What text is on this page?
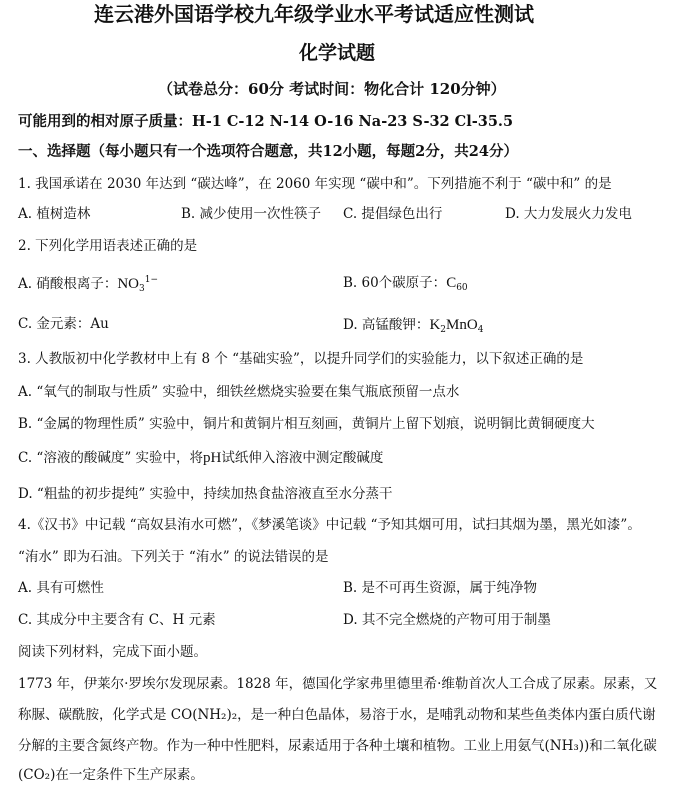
连云港外国语学校九年级学业水平考试适应性测试
化学试题
（试卷总分：60分 考试时间：物化合计 120分钟）
可能用到的相对原子质量：H-1 C-12 N-14 O-16 Na-23 S-32 Cl-35.5
一、选择题（每小题只有一个选项符合题意，共12小题，每题2分，共24分）
1. 我国承诺在 2030 年达到 “碳达峰”，在 2060 年实现 “碳中和”。下列措施不利于 “碳中和” 的是
A. 植树造林	B. 减少使用一次性筷子 C. 提倡绿色出行	D. 大力发展火力发电
2. 下列化学用语表述正确的是
A. 硝酸根离子：$NO_3^{1-}$	B. 60个碳原子：$C_{60}$
C. 金元素：Au	D. 高锰酸钾：$K_2MnO_4$
3. 人教版初中化学教材中上有 8 个 “基础实验”，以提升同学们的实验能力，以下叙述正确的是
A. “氧气的制取与性质” 实验中，细铁丝燃烧实验要在集气瓶底预留一点水
B. “金属的物理性质” 实验中，铜片和黄铜片相互刻画，黄铜片上留下划痕，说明铜比黄铜硬度大
C. “溶液的酸碱度” 实验中，将pH试纸伸入溶液中测定酸碱度
D. “粗盐的初步提纯” 实验中，持续加热食盐溶液直至水分蒸干
4.《汉书》中记载 “高奴县洧水可燃”，《梦溪笔谈》中记载 “予知其烟可用，试扫其烟为墨，黑光如漆”。
“洧水” 即为石油。下列关于 “洧水” 的说法错误的是
A. 具有可燃性	B. 是不可再生资源，属于纯净物
C. 其成分中主要含有 C、H 元素	D. 其不完全燃烧的产物可用于制墨
阅读下列材料，完成下面小题。
1773 年，伊莱尔·罗埃尔发现尿素。1828 年，德国化学家弗里德里希·维勒首次人工合成了尿素。尿素，又
称脲、碳酰胺，化学式是 CO(NH₂)₂，是一种白色晶体，易溶于水，是哺乳动物和某些鱼类体内蛋白质代谢
分解的主要含氮终产物。作为一种中性肥料，尿素适用于各种土壤和植物。工业上用氨气(NH₃))和二氧化碳
(CO₂)在一定条件下生产尿素。
